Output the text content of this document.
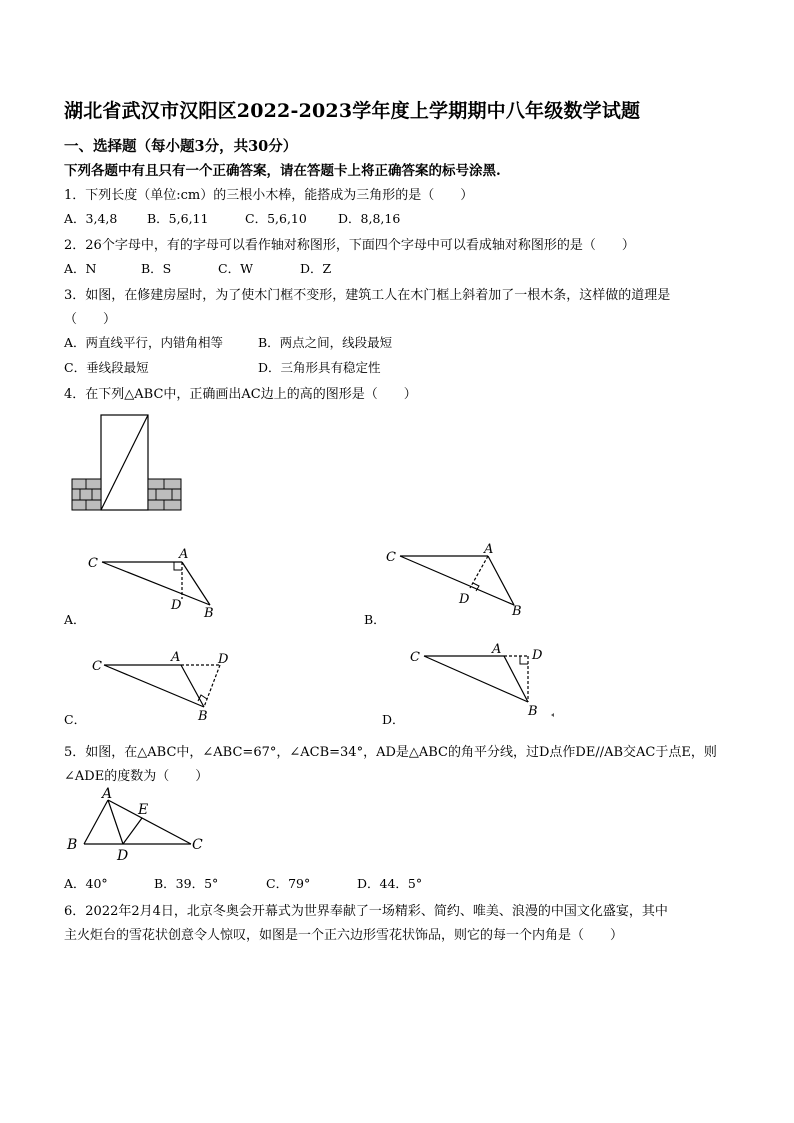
湖北省武汉市汉阳区2022-2023学年度上学期期中八年级数学试题
一、选择题（每小题3分，共30分）
下列各题中有且只有一个正确答案，请在答题卡上将正确答案的标号涂黑.
1．下列长度（单位:cm）的三根小木棒，能搭成为三角形的是（　　）
A．3,4,8 B．5,6,11	C．5,6,10 D．8,8,16
2．26个字母中，有的字母可以看作轴对称图形，下面四个字母中可以看成轴对称图形的是（　　）
A．N	B．S	C．W	D．Z
3．如图，在修建房屋时，为了使木门框不变形，建筑工人在木门框上斜着加了一根木条，这样做的道理是
（　　）
A．两直线平行，内错角相等	B．两点之间，线段最短
C．垂线段最短	D．三角形具有稳定性
4．在下列△ABC中，正确画出AC边上的高的图形是（　　）
C
A
D
B
A．
C
A
D
B
B．
C
A	D
B
C．
C
A D
B
D．
5．如图，在△ABC中，∠ABC=67°，∠ACB=34°，AD是△ABC的角平分线，过D点作DE//AB交AC于点E，则
∠ADE的度数为（　　）
A
E
B
D
C
A．40°	B．39．5°	C．79°	D．44．5°
6．2022年2月4日，北京冬奥会开幕式为世界奉献了一场精彩、简约、唯美、浪漫的中国文化盛宴，其中
主火炬台的雪花状创意令人惊叹，如图是一个正六边形雪花状饰品，则它的每一个内角是（　　）
